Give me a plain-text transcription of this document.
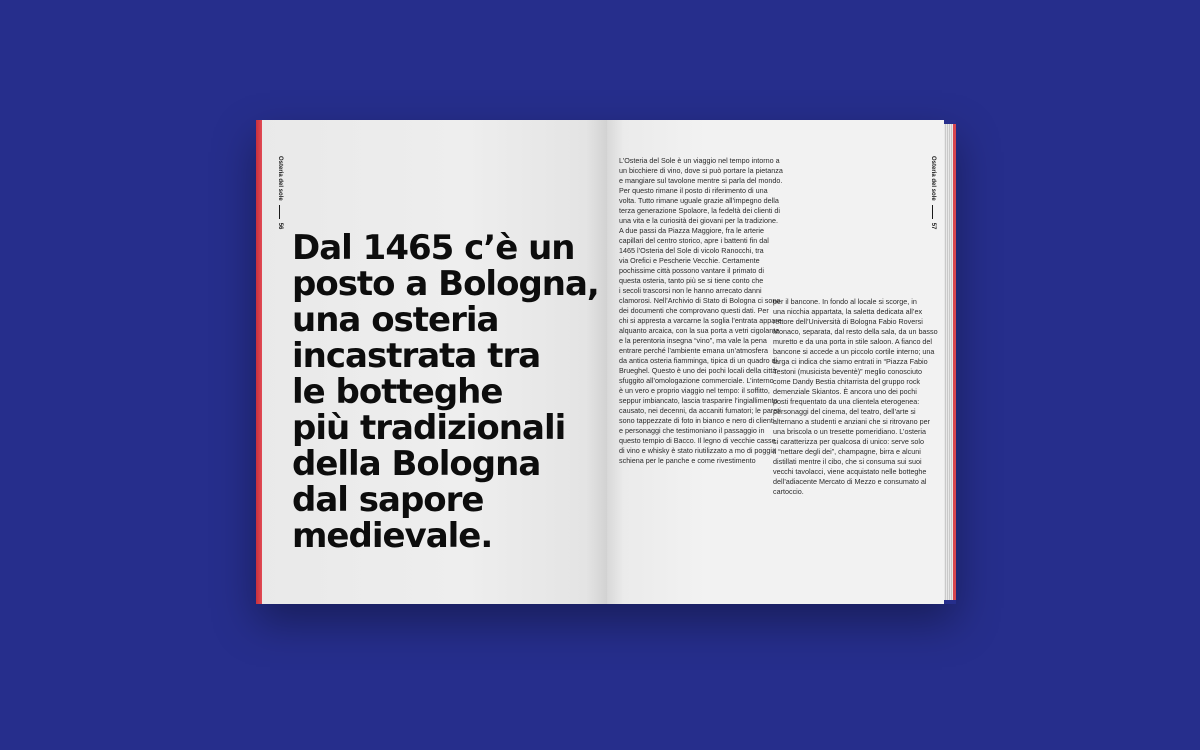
Osteria del sole
56
Dal 1465 c’è un
posto a Bologna,
una osteria
incastrata tra
le botteghe
più tradizionali
della Bologna
dal sapore
medievale.
L’Osteria del Sole è un viaggio nel tempo intorno a
un bicchiere di vino, dove si può portare la pietanza
e mangiare sul tavolone mentre si parla del mondo.
Per questo rimane il posto di riferimento di una
volta. Tutto rimane uguale grazie all’impegno della
terza generazione Spolaore, la fedeltà dei clienti di
una vita e la curiosità dei giovani per la tradizione.
A due passi da Piazza Maggiore, fra le arterie
capillari del centro storico, apre i battenti fin dal
1465 l’Osteria del Sole di vicolo Ranocchi, tra
via Orefici e Pescherie Vecchie. Certamente
pochissime città possono vantare il primato di
questa osteria, tanto più se si tiene conto che
i secoli trascorsi non le hanno arrecato danni
clamorosi. Nell’Archivio di Stato di Bologna ci sono
dei documenti che comprovano questi dati. Per
chi si appresta a varcarne la soglia l’entrata appare
alquanto arcaica, con la sua porta a vetri cigolante
e la perentoria insegna “vino”, ma vale la pena
entrare perché l’ambiente emana un’atmosfera
da antica osteria fiamminga, tipica di un quadro di
Brueghel. Questo è uno dei pochi locali della città
sfuggito all’omologazione commerciale. L’interno
è un vero e proprio viaggio nel tempo: il soffitto,
seppur imbiancato, lascia trasparire l’ingiallimento
causato, nei decenni, da accaniti fumatori; le pareti
sono tappezzate di foto in bianco e nero di clienti
e personaggi che testimoniano il passaggio in
questo tempio di Bacco. Il legno di vecchie casse
di vino e whisky è stato riutilizzato a mo di poggia
schiena per le panche e come rivestimento
per il bancone. In fondo al locale si scorge, in
una nicchia appartata, la saletta dedicata all’ex
rettore dell’Università di Bologna Fabio Roversi
Monaco, separata, dal resto della sala, da un basso
muretto e da una porta in stile saloon. A fianco del
bancone si accede a un piccolo cortile interno; una
targa ci indica che siamo entrati in “Piazza Fabio
Testoni (musicista beventè)” meglio conosciuto
come Dandy Bestia chitarrista del gruppo rock
demenziale Skiantos. È ancora uno dei pochi
posti frequentato da una clientela eterogenea:
personaggi del cinema, del teatro, dell’arte si
alternano a studenti e anziani che si ritrovano per
una briscola o un tresette pomeridiano. L’osteria
si caratterizza per qualcosa di unico: serve solo
il “nettare degli dei”, champagne, birra e alcuni
distillati mentre il cibo, che si consuma sui suoi
vecchi tavolacci, viene acquistato nelle botteghe
dell’adiacente Mercato di Mezzo e consumato al
cartoccio.
Osteria del sole
57
